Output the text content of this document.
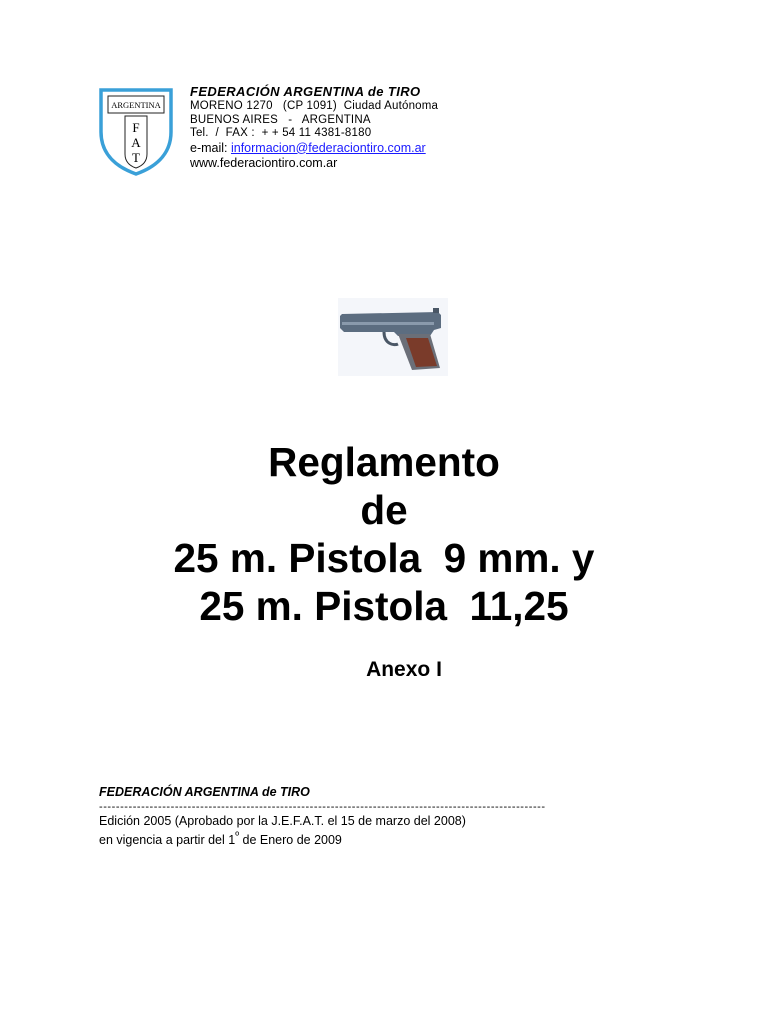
ARGENTINA
F
A
T
FEDERACIÓN ARGENTINA de TIRO
MORENO 1270   (CP 1091)  Ciudad Autónoma
BUENOS AIRES   -   ARGENTINA
Tel.  /  FAX :  + + 54 11 4381-8180
e-mail: informacion@federaciontiro.com.ar
www.federaciontiro.com.ar
Reglamento
de
25 m. Pistola  9 mm. y
25 m. Pistola  11,25
Anexo I
FEDERACIÓN ARGENTINA de TIRO
----------------------------------------------------------------------------------------------------------
Edición 2005 (Aprobado por la J.E.F.A.T. el 15 de marzo del 2008)
en vigencia a partir del $1^º$ de Enero de 2009
